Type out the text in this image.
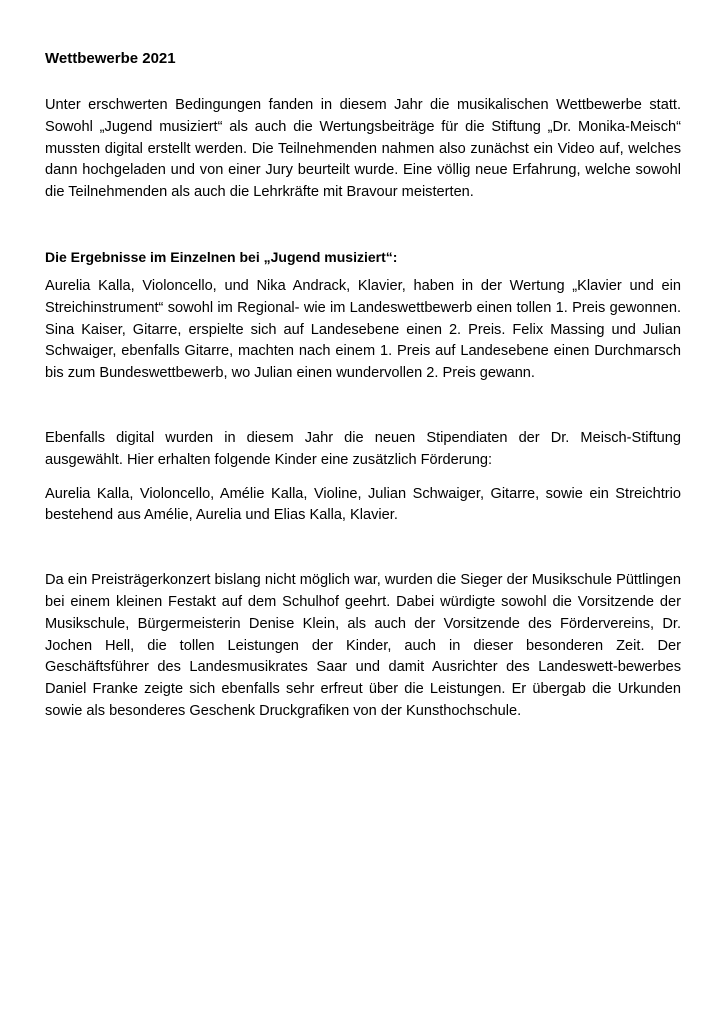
Wettbewerbe 2021

Unter erschwerten Bedingungen fanden in diesem Jahr die musikalischen Wettbewerbe statt. Sowohl „Jugend musiziert“ als auch die Wertungsbeiträge für die Stiftung „Dr. Monika-Meisch“ mussten digital erstellt werden. Die Teilnehmenden nahmen also zunächst ein Video auf, welches dann hochgeladen und von einer Jury beurteilt wurde. Eine völlig neue Erfahrung, welche sowohl die Teilnehmenden als auch die Lehrkräfte mit Bravour meisterten.

Die Ergebnisse im Einzelnen bei „Jugend musiziert“:

Aurelia Kalla, Violoncello, und Nika Andrack, Klavier, haben in der Wertung „Klavier und ein Streichinstrument“ sowohl im Regional- wie im Landeswettbewerb einen tollen 1. Preis gewonnen. Sina Kaiser, Gitarre, erspielte sich auf Landesebene einen 2. Preis. Felix Massing und Julian Schwaiger, ebenfalls Gitarre, machten nach einem 1. Preis auf Landesebene einen Durchmarsch bis zum Bundeswettbewerb, wo Julian einen wundervollen 2. Preis gewann.

Ebenfalls digital wurden in diesem Jahr die neuen Stipendiaten der Dr. Meisch-Stiftung ausgewählt. Hier erhalten folgende Kinder eine zusätzlich Förderung:

Aurelia Kalla, Violoncello, Amélie Kalla, Violine, Julian Schwaiger, Gitarre, sowie ein Streichtrio bestehend aus Amélie, Aurelia und Elias Kalla, Klavier.

Da ein Preisträgerkonzert bislang nicht möglich war, wurden die Sieger der Musikschule Püttlingen bei einem kleinen Festakt auf dem Schulhof geehrt. Dabei würdigte sowohl die Vorsitzende der Musikschule, Bürgermeisterin Denise Klein, als auch der Vorsitzende des Fördervereins, Dr. Jochen Hell, die tollen Leistungen der Kinder, auch in dieser besonderen Zeit. Der Geschäftsführer des Landesmusikrates Saar und damit Ausrichter des Landeswett-bewerbes Daniel Franke zeigte sich ebenfalls sehr erfreut über die Leistungen. Er übergab die Urkunden sowie als besonderes Geschenk Druckgrafiken von der Kunsthochschule.
